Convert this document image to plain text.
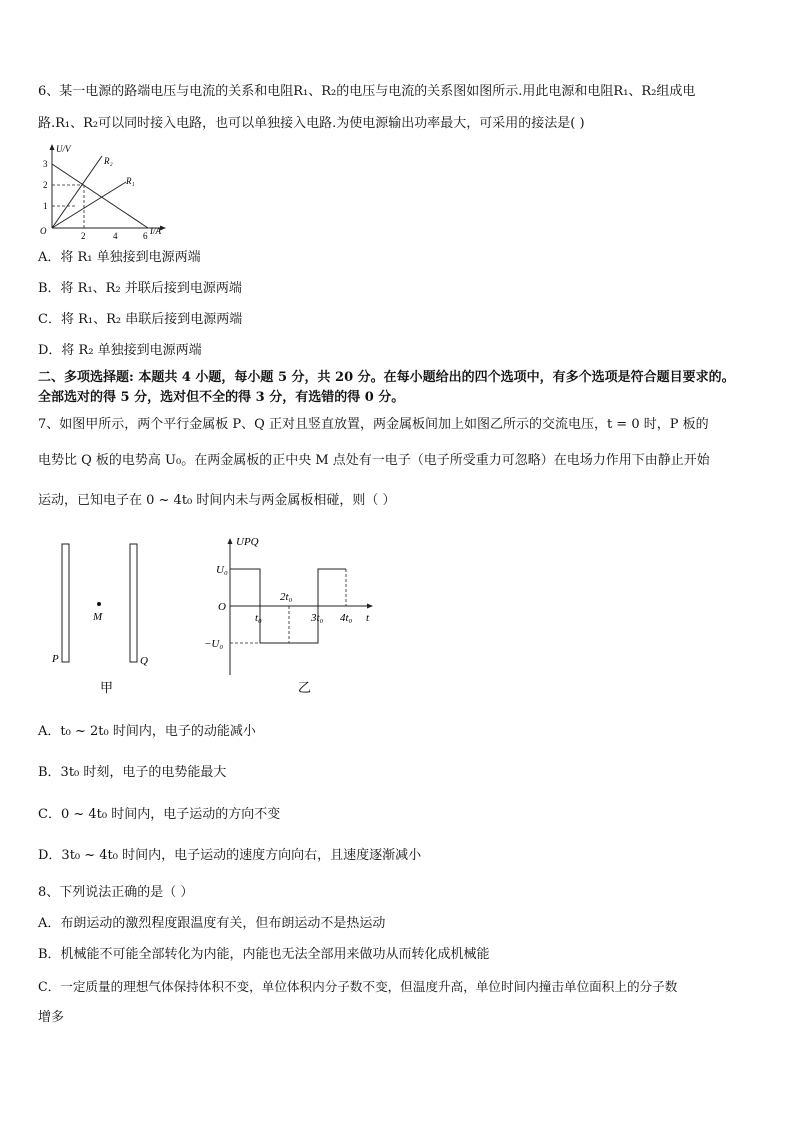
6、某一电源的路端电压与电流的关系和电阻R₁、R₂的电压与电流的关系图如图所示.用此电源和电阻R₁、R₂组成电
路.R₁、R₂可以同时接入电路，也可以单独接入电路.为使电源输出功率最大，可采用的接法是( )
U/V
I/A
O
1
2
3
2	4	6
R₂
R₁
A．将 R₁ 单独接到电源两端
B．将 R₁、R₂ 并联后接到电源两端
C．将 R₁、R₂ 串联后接到电源两端
D．将 R₂ 单独接到电源两端
二、多项选择题: 本题共 4 小题，每小题 5 分，共 20 分。在每小题给出的四个选项中，有多个选项是符合题目要求的。
全部选对的得 5 分，选对但不全的得 3 分，有选错的得 0 分。
7、如图甲所示，两个平行金属板 P、Q 正对且竖直放置，两金属板间加上如图乙所示的交流电压，t = 0 时，P 板的
电势比 Q 板的电势高 U₀。在两金属板的正中央 M 点处有一电子（电子所受重力可忽略）在电场力作用下由静止开始
运动，已知电子在 0 ~ 4t₀ 时间内未与两金属板相碰，则（ ）
M
P	Q
甲
UPQ
U₀
O
−U₀
t
t₀
2t₀
3t₀ 4t₀
乙
A．t₀ ~ 2t₀ 时间内，电子的动能减小
B．3t₀ 时刻，电子的电势能最大
C．0 ~ 4t₀ 时间内，电子运动的方向不变
D．3t₀ ~ 4t₀ 时间内，电子运动的速度方向向右，且速度逐渐减小
8、下列说法正确的是（ ）
A．布朗运动的激烈程度跟温度有关，但布朗运动不是热运动
B．机械能不可能全部转化为内能，内能也无法全部用来做功从而转化成机械能
C．一定质量的理想气体保持体积不变，单位体积内分子数不变，但温度升高，单位时间内撞击单位面积上的分子数
增多
